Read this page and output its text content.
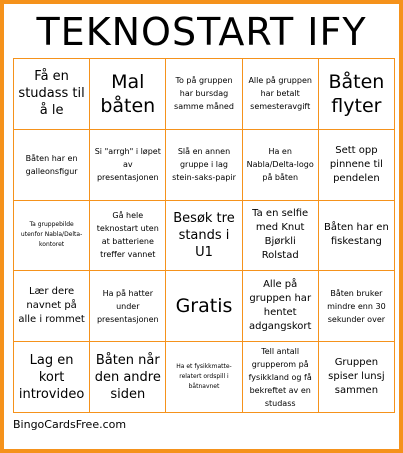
TEKNOSTART IFY
Få en studass til å le
Mal båten
To på gruppen har bursdag samme måned
Alle på gruppen har betalt semesteravgift
Båten flyter
Båten har en galleonsfigur
Si "arrgh" i løpet av presentasjonen
Slå en annen gruppe i lag stein-saks-papir
Ha en Nabla/Delta-logo på båten
Sett opp pinnene til pendelen
Ta gruppebilde utenfor Nabla/Delta-kontoret
Gå hele teknostart uten at batteriene treffer vannet
Besøk tre stands i U1
Ta en selfie med Knut Bjørkli Rolstad
Båten har en fiskestang
Lær dere navnet på alle i rommet
Ha på hatter under presentasjonen
Gratis
Alle på gruppen har hentet adgangskort
Båten bruker mindre enn 30 sekunder over
Lag en kort introvideo
Båten når den andre siden
Ha et fysikkmatte-relatert ordspill i båtnavnet
Tell antall grupperom på fysikkland og få bekreftet av en studass
Gruppen spiser lunsj sammen
BingoCardsFree.com
